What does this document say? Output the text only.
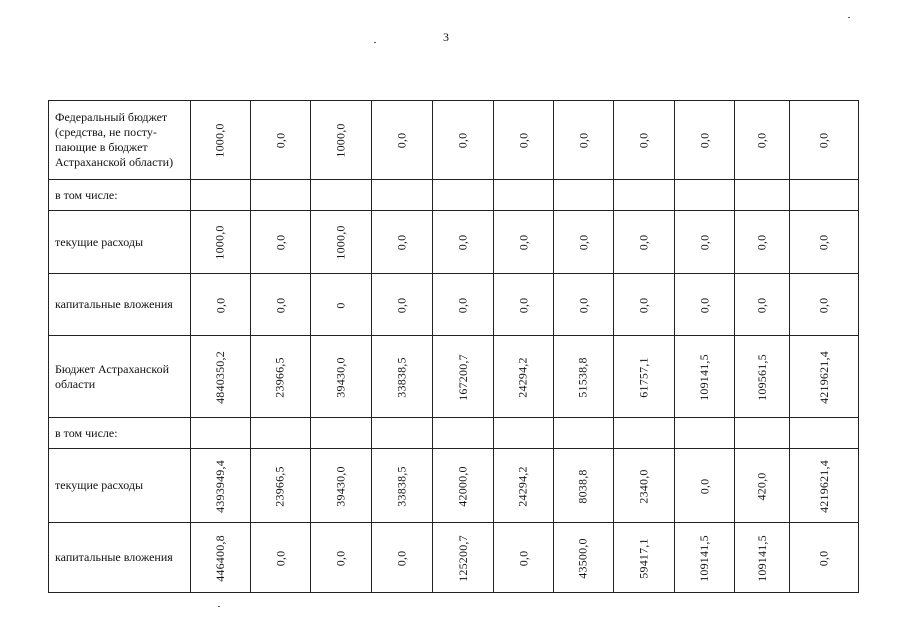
3
Федеральный бюджет (средства, не посту-пающие в бюджет Астраханской области)	1000,0	0,0	1000,0	0,0	0,0	0,0	0,0	0,0	0,0	0,0	0,0
в том числе:											
текущие расходы	1000,0	0,0	1000,0	0,0	0,0	0,0	0,0	0,0	0,0	0,0	0,0
капитальные вложения	0,0	0,0	0	0,0	0,0	0,0	0,0	0,0	0,0	0,0	0,0
Бюджет Астраханской области	4840350,2	23966,5	39430,0	33838,5	167200,7	24294,2	51538,8	61757,1	109141,5	109561,5	4219621,4
в том числе:											
текущие расходы	4393949,4	23966,5	39430,0	33838,5	42000,0	24294,2	8038,8	2340,0	0,0	420,0	4219621,4
капитальные вложения	446400,8	0,0	0,0	0,0	125200,7	0,0	43500,0	59417,1	109141,5	109141,5	0,0
